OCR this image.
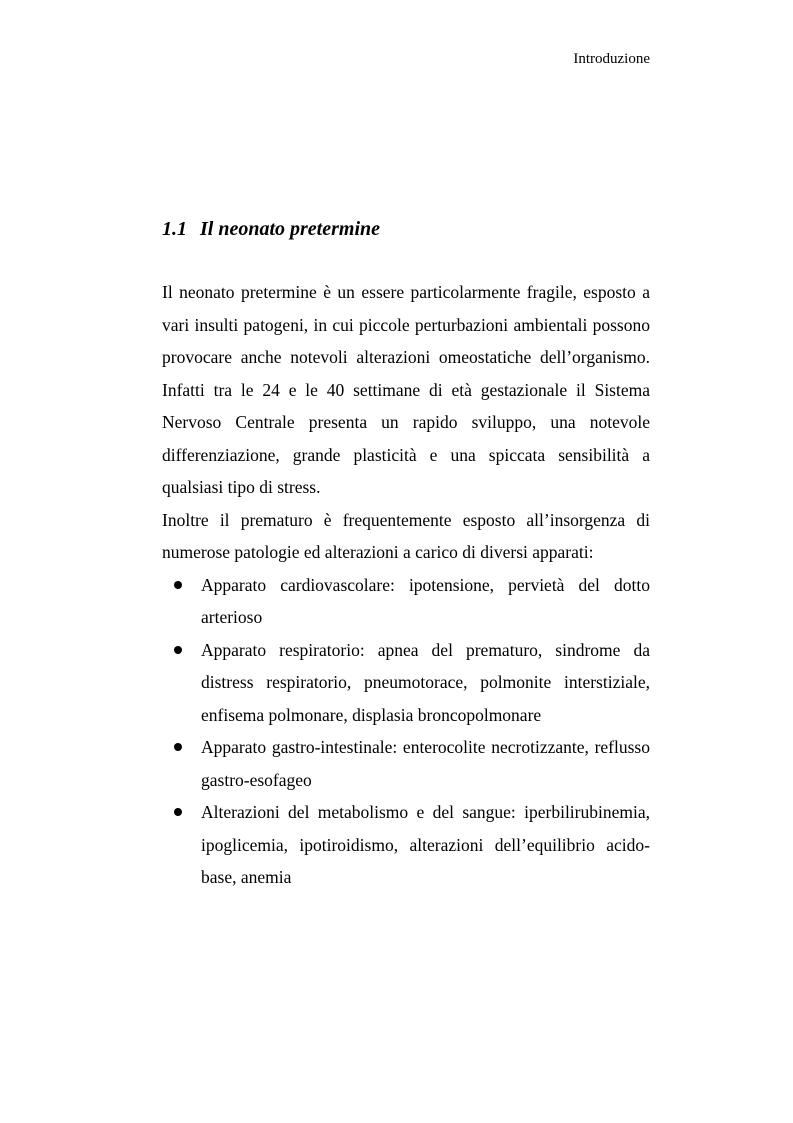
Introduzione
1.1 Il neonato pretermine

Il neonato pretermine è un essere particolarmente fragile, esposto a vari insulti patogeni, in cui piccole perturbazioni ambientali possono provocare anche notevoli alterazioni omeostatiche dell’organismo. Infatti tra le 24 e le 40 settimane di età gestazionale il Sistema Nervoso Centrale presenta un rapido sviluppo, una notevole differenziazione, grande plasticità e una spiccata sensibilità a qualsiasi tipo di stress.

Inoltre il prematuro è frequentemente esposto all’insorgenza di numerose patologie ed alterazioni a carico di diversi apparati:

Apparato cardiovascolare: ipotensione, pervietà del dotto arterioso
Apparato respiratorio: apnea del prematuro, sindrome da distress respiratorio, pneumotorace, polmonite interstiziale, enfisema polmonare, displasia broncopolmonare
Apparato gastro-intestinale: enterocolite necrotizzante, reflusso gastro-esofageo
Alterazioni del metabolismo e del sangue: iperbilirubinemia, ipoglicemia, ipotiroidismo, alterazioni dell’equilibrio acido-base, anemia
